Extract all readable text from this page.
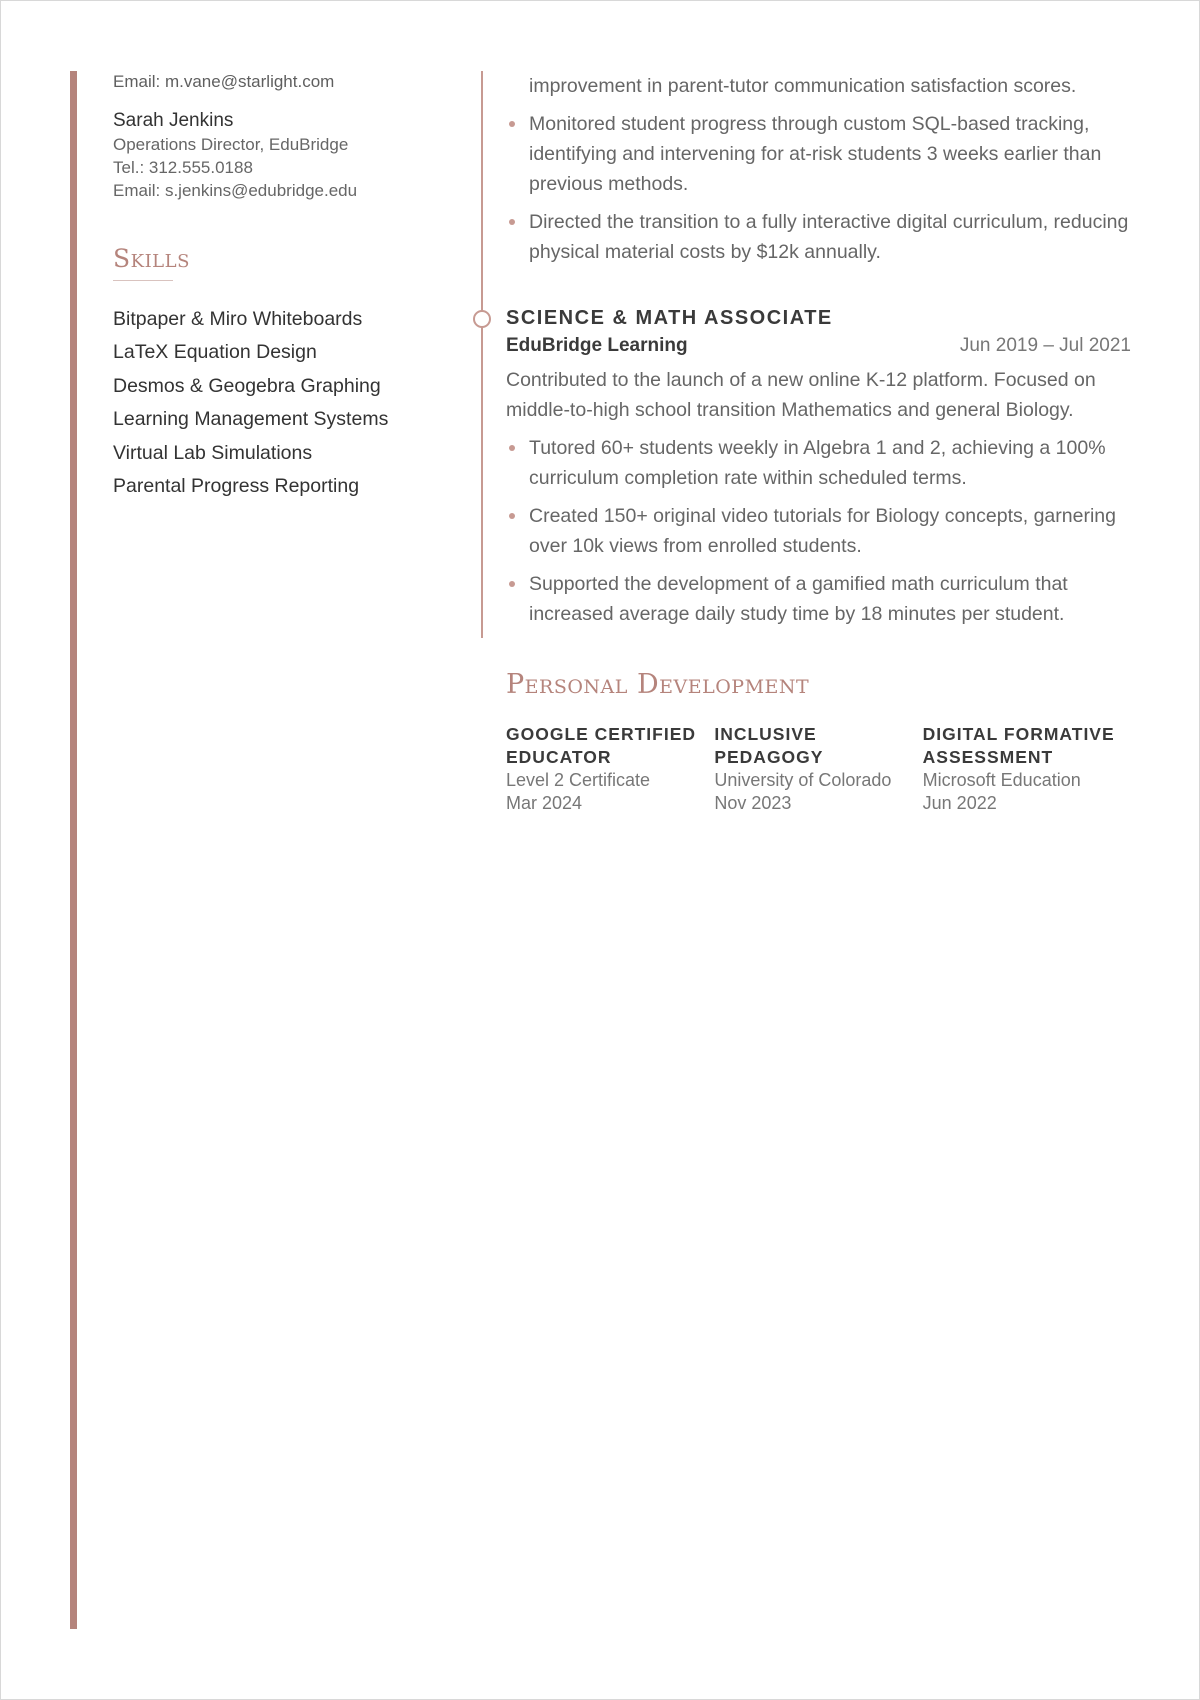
Email: m.vane@starlight.com
Sarah Jenkins
Operations Director, EduBridge
Tel.: 312.555.0188
Email: s.jenkins@edubridge.edu
Skills
Bitpaper & Miro Whiteboards
LaTeX Equation Design
Desmos & Geogebra Graphing
Learning Management Systems
Virtual Lab Simulations
Parental Progress Reporting
improvement in parent-tutor communication satisfaction scores.
Monitored student progress through custom SQL-based tracking, identifying and intervening for at-risk students 3 weeks earlier than previous methods.
Directed the transition to a fully interactive digital curriculum, reducing physical material costs by $12k annually.
SCIENCE & MATH ASSOCIATE
EduBridge Learning	Jun 2019 – Jul 2021
Contributed to the launch of a new online K-12 platform. Focused on middle-to-high school transition Mathematics and general Biology.
Tutored 60+ students weekly in Algebra 1 and 2, achieving a 100% curriculum completion rate within scheduled terms.
Created 150+ original video tutorials for Biology concepts, garnering over 10k views from enrolled students.
Supported the development of a gamified math curriculum that increased average daily study time by 18 minutes per student.
Personal Development
GOOGLE CERTIFIED EDUCATOR
Level 2 Certificate
Mar 2024
INCLUSIVE PEDAGOGY
University of Colorado
Nov 2023
DIGITAL FORMATIVE ASSESSMENT
Microsoft Education
Jun 2022
